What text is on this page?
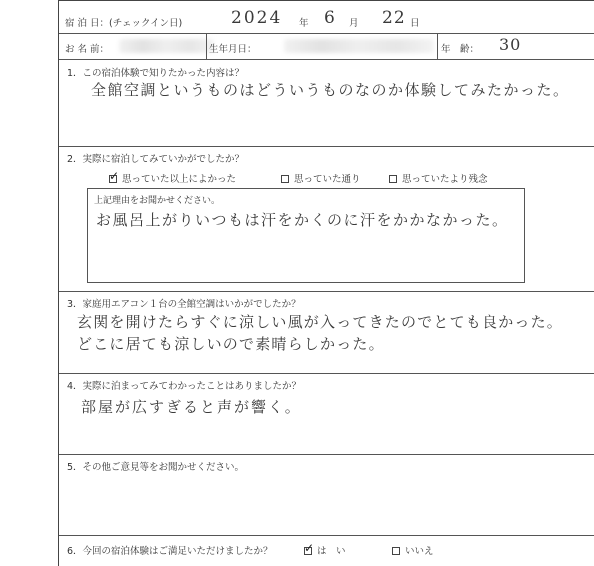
宿 泊 日：(チェックイン日)	2024 年 6 月 22 日
お 名 前：	生年月日：	年　齢： 30
1．この宿泊体験で知りたかった内容は？
全館空調というものはどういうものなのか体験してみたかった。
2．実際に宿泊してみていかがでしたか？
✓ 思っていた以上によかった	思っていた通り	思っていたより残念
上記理由をお聞かせください。
お風呂上がりいつもは汗をかくのに汗をかかなかった。
3．家庭用エアコン１台の全館空調はいかがでしたか？
玄関を開けたらすぐに涼しい風が入ってきたのでとても良かった。
どこに居ても涼しいので素晴らしかった。
4．実際に泊まってみてわかったことはありましたか？
部屋が広すぎると声が響く。
5．その他ご意見等をお聞かせください。
6．今回の宿泊体験はご満足いただけましたか？	✓ は　い	いいえ
